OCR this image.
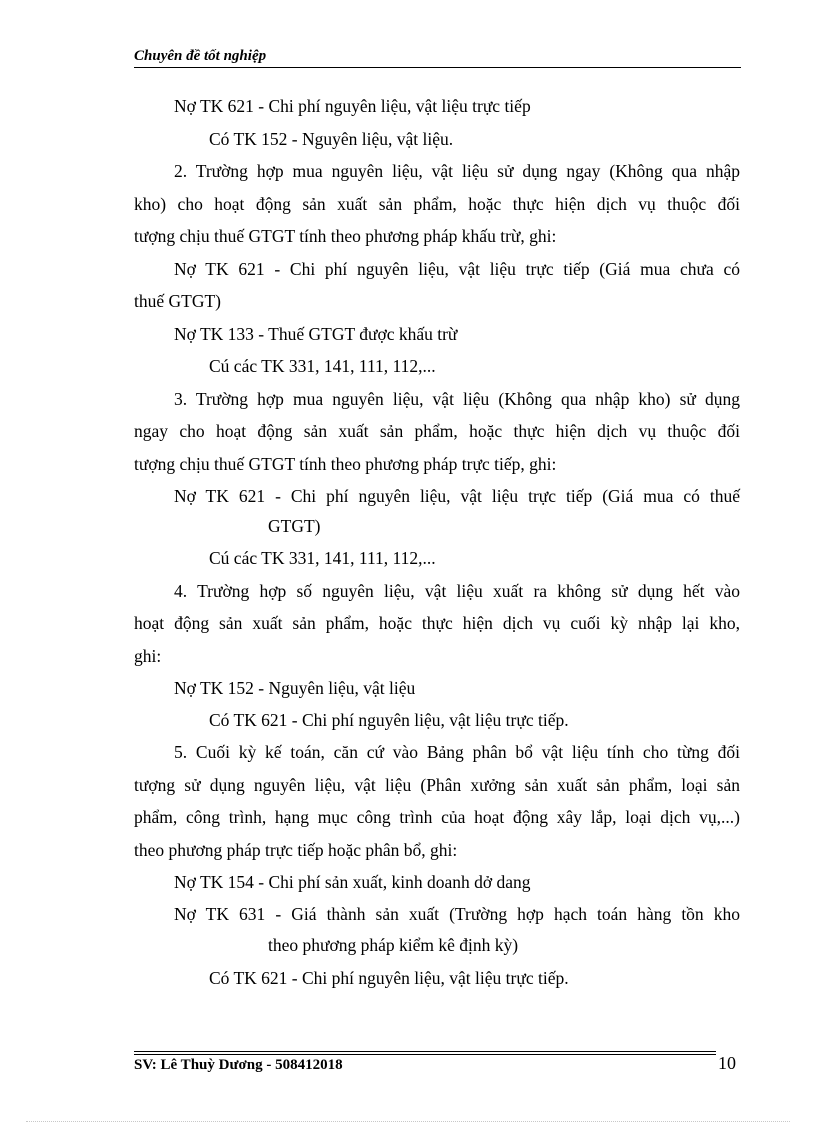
Chuyên đề tốt nghiệp
Nợ TK 621 - Chi phí nguyên liệu, vật liệu trực tiếp
Có TK 152 - Nguyên liệu, vật liệu.
2. Trường hợp mua nguyên liệu, vật liệu sử dụng ngay (Không qua nhập
kho) cho hoạt động sản xuất sản phẩm, hoặc thực hiện dịch vụ thuộc đối
tượng chịu thuế GTGT tính theo phương pháp khấu trừ, ghi:
Nợ TK 621 - Chi phí nguyên liệu, vật liệu trực tiếp (Giá mua chưa có
thuế GTGT)
Nợ TK 133 - Thuế GTGT được khấu trừ
Cú các TK 331, 141, 111, 112,...
3. Trường hợp mua nguyên liệu, vật liệu (Không qua nhập kho) sử dụng
ngay cho hoạt động sản xuất sản phẩm, hoặc thực hiện dịch vụ thuộc đối
tượng chịu thuế GTGT tính theo phương pháp trực tiếp, ghi:
Nợ TK 621 - Chi phí nguyên liệu, vật liệu trực tiếp (Giá mua có thuế
GTGT)
Cú các TK 331, 141, 111, 112,...
4. Trường hợp số nguyên liệu, vật liệu xuất ra không sử dụng hết vào
hoạt động sản xuất sản phẩm, hoặc thực hiện dịch vụ cuối kỳ nhập lại kho,
ghi:
Nợ TK 152 - Nguyên liệu, vật liệu
Có TK 621 - Chi phí nguyên liệu, vật liệu trực tiếp.
5. Cuối kỳ kế toán, căn cứ vào Bảng phân bổ vật liệu tính cho từng đối
tượng sử dụng nguyên liệu, vật liệu (Phân xưởng sản xuất sản phẩm, loại sản
phẩm, công trình, hạng mục công trình của hoạt động xây lắp, loại dịch vụ,...)
theo phương pháp trực tiếp hoặc phân bổ, ghi:
Nợ TK 154 - Chi phí sản xuất, kinh doanh dở dang
Nợ TK 631 - Giá thành sản xuất (Trường hợp hạch toán hàng tồn kho
theo phương pháp kiểm kê định kỳ)
Có TK 621 - Chi phí nguyên liệu, vật liệu trực tiếp.
SV: Lê Thuỳ Dương - 508412018	10
